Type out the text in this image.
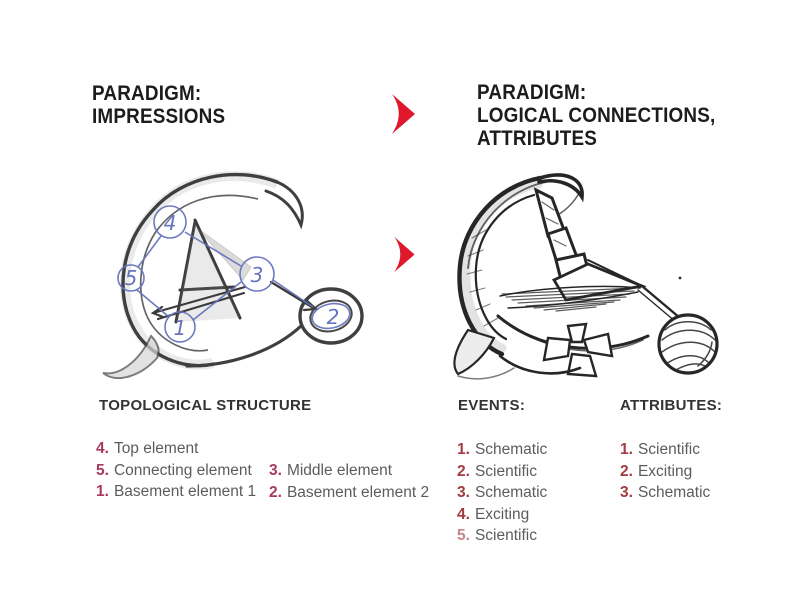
PARADIGM:
IMPRESSIONS
PARADIGM:
LOGICAL CONNECTIONS,
ATTRIBUTES
4
5	3
1	2
TOPOLOGICAL STRUCTURE
4. Top element
5. Connecting element
1. Basement element 1
3. Middle element
2. Basement element 2
EVENTS:
1. Schematic
2. Scientific
3. Schematic
4. Exciting
5. Scientific
ATTRIBUTES:
1. Scientific
2. Exciting
3. Schematic
